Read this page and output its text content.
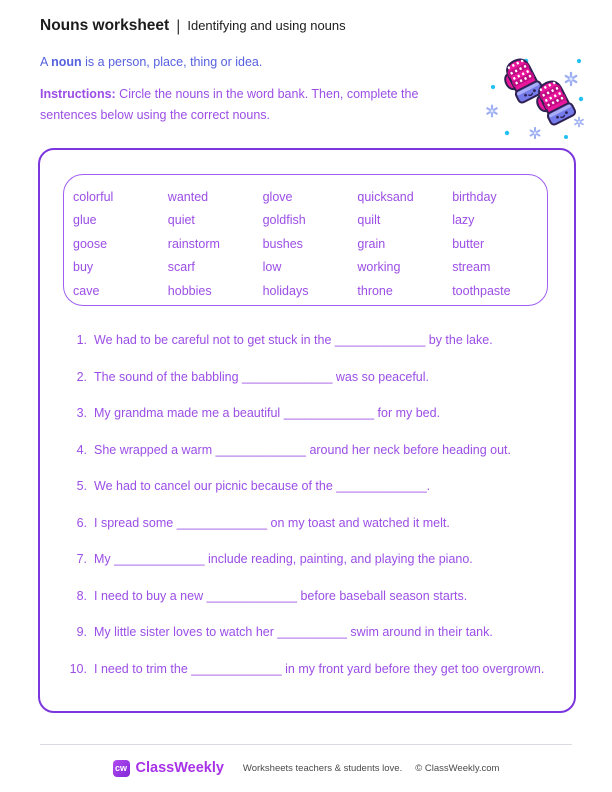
Nouns worksheet | Identifying and using nouns
A noun is a person, place, thing or idea.
Instructions: Circle the nouns in the word bank. Then, complete the sentences below using the correct nouns.
colorful
glue
goose
buy
cave
wanted
quiet
rainstorm
scarf
hobbies
glove
goldfish
bushes
low
holidays
quicksand
quilt
grain
working
throne
birthday
lazy
butter
stream
toothpaste
1. We had to be careful not to get stuck in the _____________ by the lake.
2. The sound of the babbling _____________ was so peaceful.
3. My grandma made me a beautiful _____________ for my bed.
4. She wrapped a warm _____________ around her neck before heading out.
5. We had to cancel our picnic because of the _____________.
6. I spread some _____________ on my toast and watched it melt.
7. My _____________ include reading, painting, and playing the piano.
8. I need to buy a new _____________ before baseball season starts.
9. My little sister loves to watch her __________ swim around in their tank.
10. I need to trim the _____________ in my front yard before they get too overgrown.
cw ClassWeekly Worksheets teachers & students love. © ClassWeekly.com
